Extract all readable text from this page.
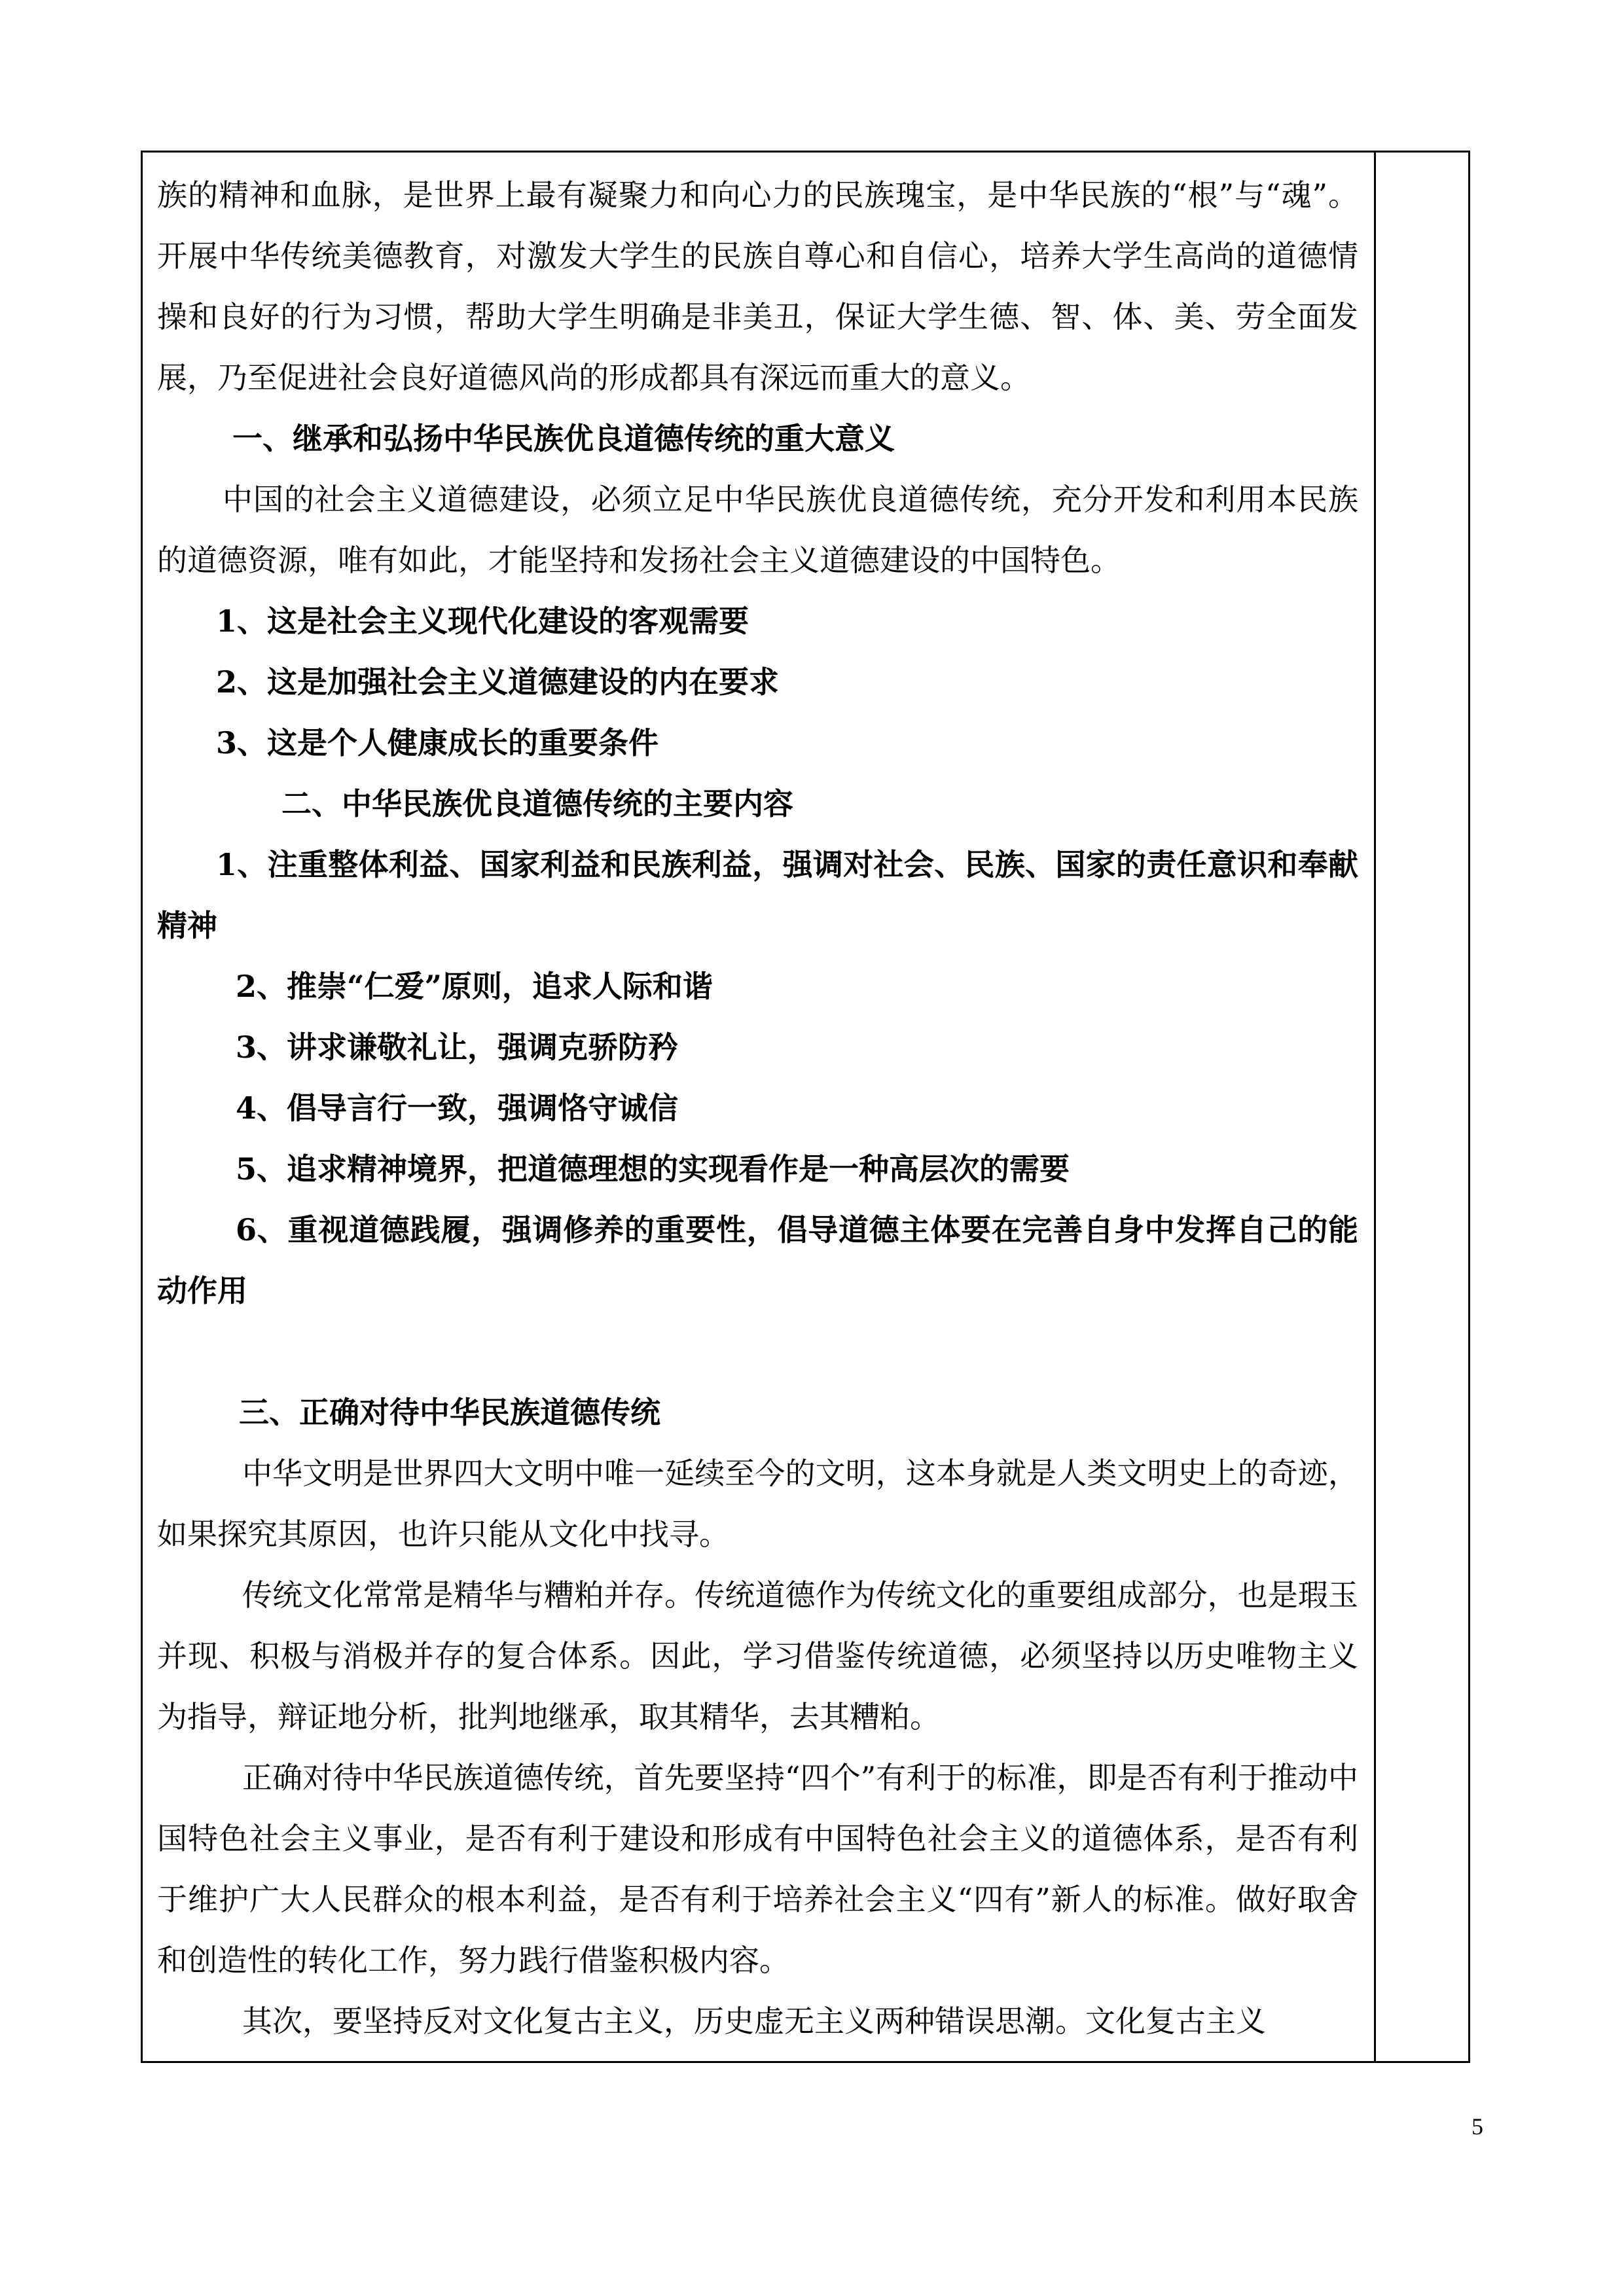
族的精神和血脉，是世界上最有凝聚力和向心力的民族瑰宝，是中华民族的“根”与“魂”。开展中华传统美德教育，对激发大学生的民族自尊心和自信心，培养大学生高尚的道德情操和良好的行为习惯，帮助大学生明确是非美丑，保证大学生德、智、体、美、劳全面发展，乃至促进社会良好道德风尚的形成都具有深远而重大的意义。

一、继承和弘扬中华民族优良道德传统的重大意义

中国的社会主义道德建设，必须立足中华民族优良道德传统，充分开发和利用本民族的道德资源，唯有如此，才能坚持和发扬社会主义道德建设的中国特色。

1、这是社会主义现代化建设的客观需要

2、这是加强社会主义道德建设的内在要求

3、这是个人健康成长的重要条件

二、中华民族优良道德传统的主要内容

1、注重整体利益、国家利益和民族利益，强调对社会、民族、国家的责任意识和奉献精神

2、推崇“仁爱”原则，追求人际和谐

3、讲求谦敬礼让，强调克骄防矜

4、倡导言行一致，强调恪守诚信

5、追求精神境界，把道德理想的实现看作是一种高层次的需要

6、重视道德践履，强调修养的重要性，倡导道德主体要在完善自身中发挥自己的能动作用

三、正确对待中华民族道德传统

中华文明是世界四大文明中唯一延续至今的文明，这本身就是人类文明史上的奇迹，如果探究其原因，也许只能从文化中找寻。

传统文化常常是精华与糟粕并存。传统道德作为传统文化的重要组成部分，也是瑕玉并现、积极与消极并存的复合体系。因此，学习借鉴传统道德，必须坚持以历史唯物主义为指导，辩证地分析，批判地继承，取其精华，去其糟粕。

正确对待中华民族道德传统，首先要坚持“四个”有利于的标准，即是否有利于推动中国特色社会主义事业，是否有利于建设和形成有中国特色社会主义的道德体系，是否有利于维护广大人民群众的根本利益，是否有利于培养社会主义“四有”新人的标准。做好取舍和创造性的转化工作，努力践行借鉴积极内容。

其次，要坚持反对文化复古主义，历史虚无主义两种错误思潮。文化复古主义

5
